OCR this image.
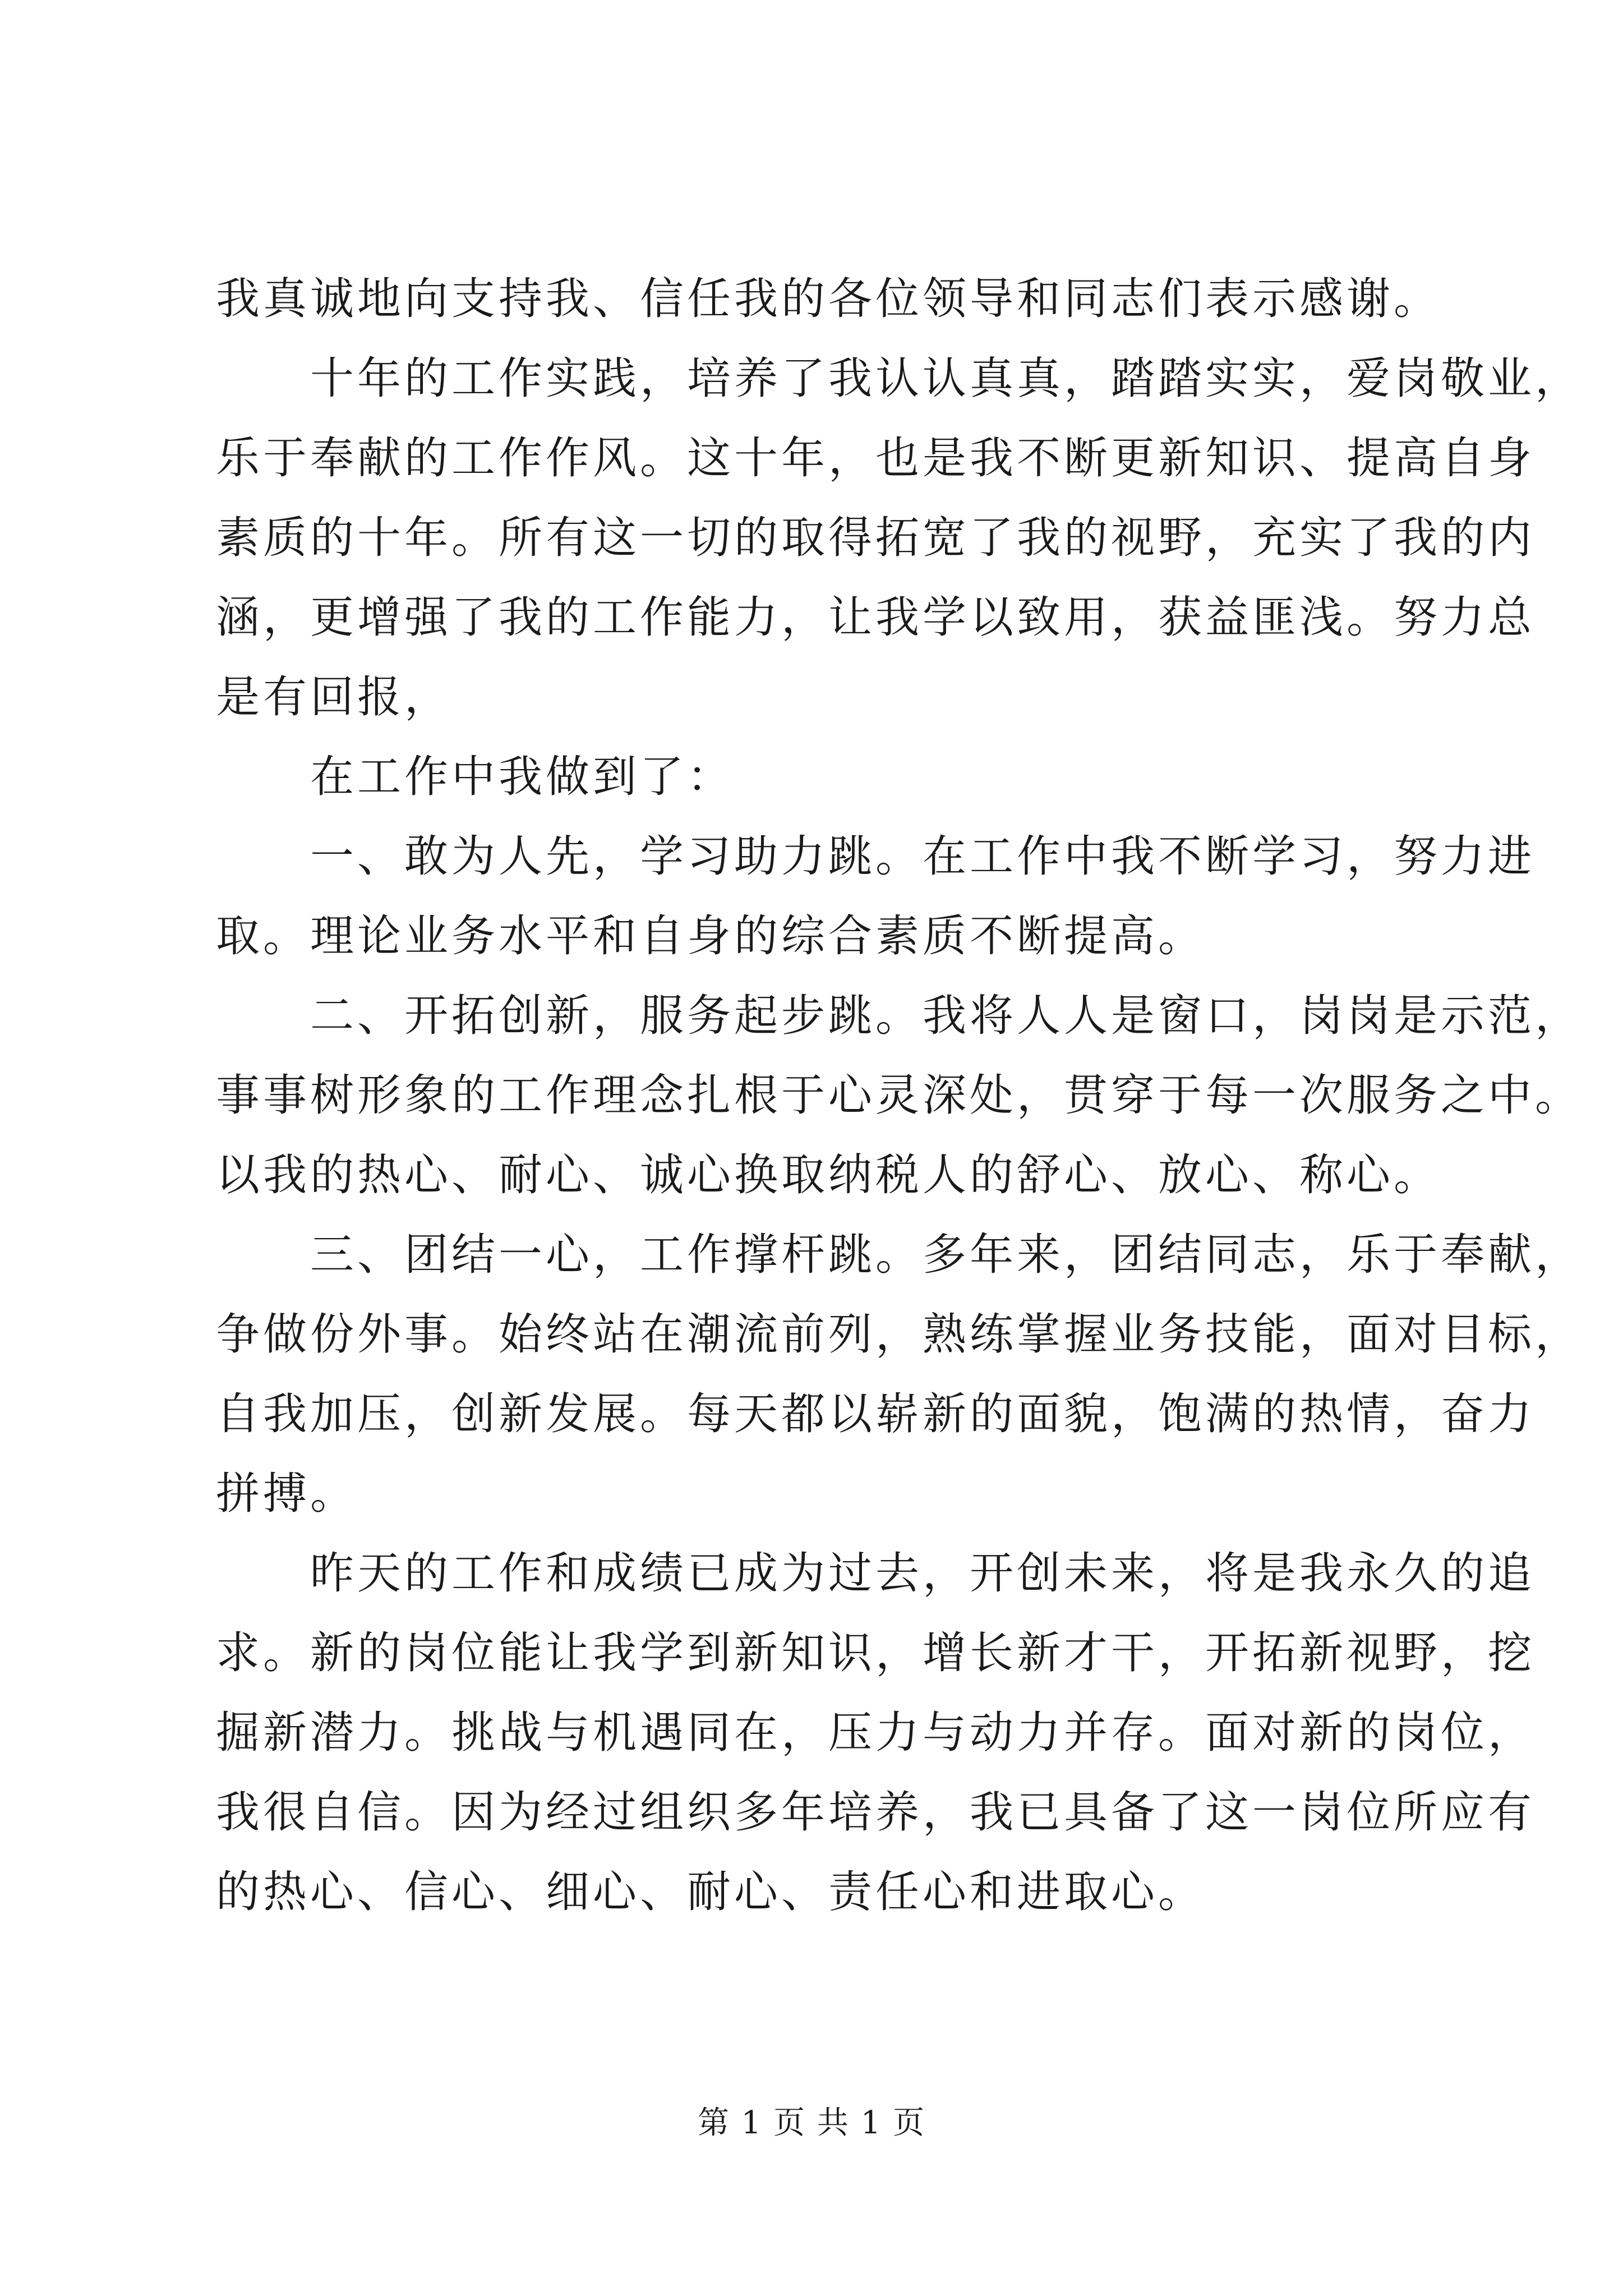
我真诚地向支持我、信任我的各位领导和同志们表示感谢。
十年的工作实践，培养了我认认真真，踏踏实实，爱岗敬业，
乐于奉献的工作作风。这十年，也是我不断更新知识、提高自身
素质的十年。所有这一切的取得拓宽了我的视野，充实了我的内
涵，更增强了我的工作能力，让我学以致用，获益匪浅。努力总
是有回报，
在工作中我做到了：
一、敢为人先，学习助力跳。在工作中我不断学习，努力进
取。理论业务水平和自身的综合素质不断提高。
二、开拓创新，服务起步跳。我将人人是窗口，岗岗是示范，
事事树形象的工作理念扎根于心灵深处，贯穿于每一次服务之中。
以我的热心、耐心、诚心换取纳税人的舒心、放心、称心。
三、团结一心，工作撑杆跳。多年来，团结同志，乐于奉献，
争做份外事。始终站在潮流前列，熟练掌握业务技能，面对目标，
自我加压，创新发展。每天都以崭新的面貌，饱满的热情，奋力
拼搏。
昨天的工作和成绩已成为过去，开创未来，将是我永久的追
求。新的岗位能让我学到新知识，增长新才干，开拓新视野，挖
掘新潜力。挑战与机遇同在，压力与动力并存。面对新的岗位，
我很自信。因为经过组织多年培养，我已具备了这一岗位所应有
的热心、信心、细心、耐心、责任心和进取心。
第 1 页 共 1 页
